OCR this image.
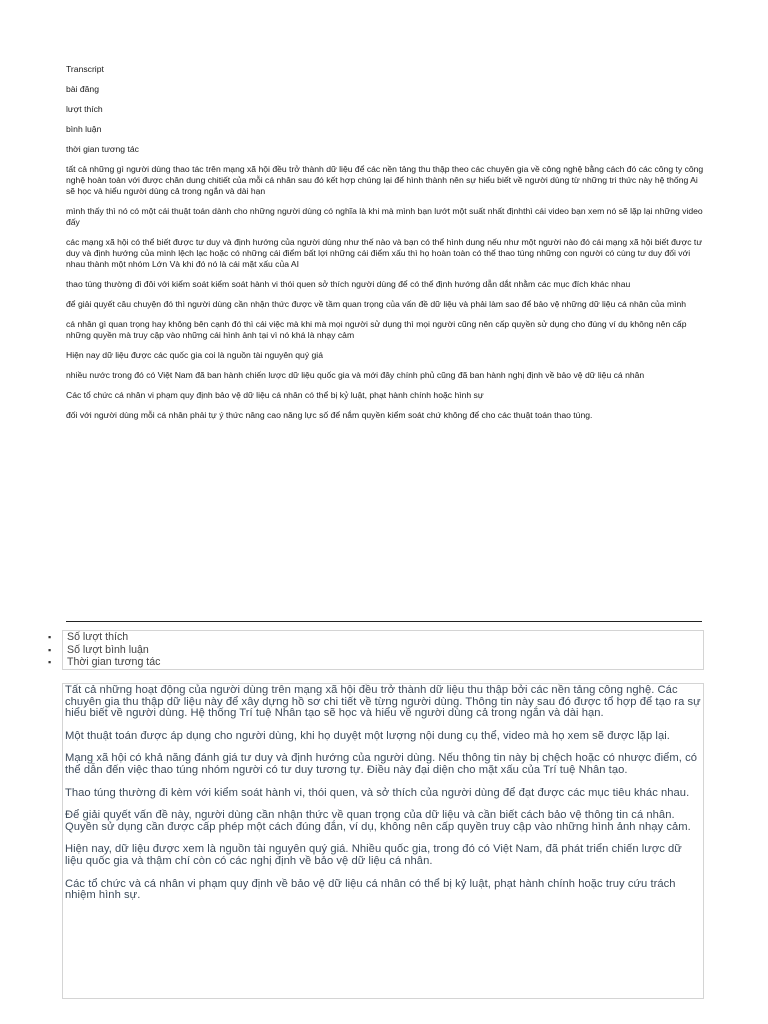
Transcript

bài đăng

lượt thích

bình luận

thời gian tương tác

tất cả những gì người dùng thao tác trên mạng xã hội đều trở thành dữ liệu để các nền tảng thu thập theo các chuyên gia về công nghệ bằng cách đó các công ty công nghệ hoàn toàn với được chân dung chitiết của mỗi cá nhân sau đó kết hợp chúng lại để hình thành nên sự hiểu biết về người dùng từ những tri thức này hệ thống Ai sẽ học và hiểu người dùng cả trong ngắn và dài hạn

mình thấy thì nó có một cái thuật toán dành cho những người dùng có nghĩa là khi mà mình bạn lướt một suất nhất địnhthì cái video bạn xem nó sẽ lặp lại những video đấy

các mạng xã hội có thể biết được tư duy và định hướng của người dùng như thế nào và bạn có thể hình dung nếu như một người nào đó cái mạng xã hội biết được tư duy và định hướng của mình lệch lạc hoặc có những cái điểm bất lợi những cái điểm xấu thì họ hoàn toàn có thể thao túng những con người có cùng tư duy đối với nhau thành một nhóm Lớn Và khi đó nó là cái mặt xấu của AI

thao túng thường đi đôi với kiểm soát kiểm soát hành vi thói quen sở thích người dùng để có thể định hướng dẫn dắt nhằm các mục đích khác nhau

để giải quyết câu chuyện đó thì người dùng cần nhận thức được về tầm quan trọng của vấn đề dữ liệu và phải làm sao để bảo vệ những dữ liệu cá nhân của mình

cá nhân gì quan trọng hay không bên cạnh đó thì cái việc mà khi mà mọi người sử dụng thì mọi người cũng nên cấp quyền sử dụng cho đúng ví dụ không nên cấp những quyền mà truy cập vào những cái hình ảnh tại vì nó khá là nhạy cảm

Hiện nay dữ liệu được các quốc gia coi là nguồn tài nguyên quý giá

nhiều nước trong đó có Việt Nam đã ban hành chiến lược dữ liệu quốc gia và mới đây chính phủ cũng đã ban hành nghị định về bảo vệ dữ liệu cá nhân

Các tổ chức cá nhân vi phạm quy định bảo vệ dữ liệu cá nhân có thể bị kỷ luật, phạt hành chính hoặc hình sự

đối với người dùng mỗi cá nhân phải tự ý thức nâng cao năng lực số để nắm quyền kiểm soát chứ không để cho các thuật toán thao túng.

▪
▪
▪
Số lượt thích
Số lượt bình luận
Thời gian tương tác

Tất cả những hoạt động của người dùng trên mạng xã hội đều trở thành dữ liệu thu thập bởi các nền tảng công nghệ. Các chuyên gia thu thập dữ liệu này để xây dựng hồ sơ chi tiết về từng người dùng. Thông tin này sau đó được tổ hợp để tạo ra sự hiểu biết về người dùng. Hệ thống Trí tuệ Nhân tạo sẽ học và hiểu về người dùng cả trong ngắn và dài hạn.

Một thuật toán được áp dụng cho người dùng, khi họ duyệt một lượng nội dung cụ thể, video mà họ xem sẽ được lặp lại.

Mạng xã hội có khả năng đánh giá tư duy và định hướng của người dùng. Nếu thông tin này bị chệch hoặc có nhược điểm, có thể dẫn đến việc thao túng nhóm người có tư duy tương tự. Điều này đại diện cho mặt xấu của Trí tuệ Nhân tạo.

Thao túng thường đi kèm với kiểm soát hành vi, thói quen, và sở thích của người dùng để đạt được các mục tiêu khác nhau.

Để giải quyết vấn đề này, người dùng cần nhận thức về quan trọng của dữ liệu và cần biết cách bảo vệ thông tin cá nhân. Quyền sử dụng cần được cấp phép một cách đúng đắn, ví dụ, không nên cấp quyền truy cập vào những hình ảnh nhạy cảm.

Hiện nay, dữ liệu được xem là nguồn tài nguyên quý giá. Nhiều quốc gia, trong đó có Việt Nam, đã phát triển chiến lược dữ liệu quốc gia và thậm chí còn có các nghị định về bảo vệ dữ liệu cá nhân.

Các tổ chức và cá nhân vi phạm quy định về bảo vệ dữ liệu cá nhân có thể bị kỷ luật, phạt hành chính hoặc truy cứu trách nhiệm hình sự.
